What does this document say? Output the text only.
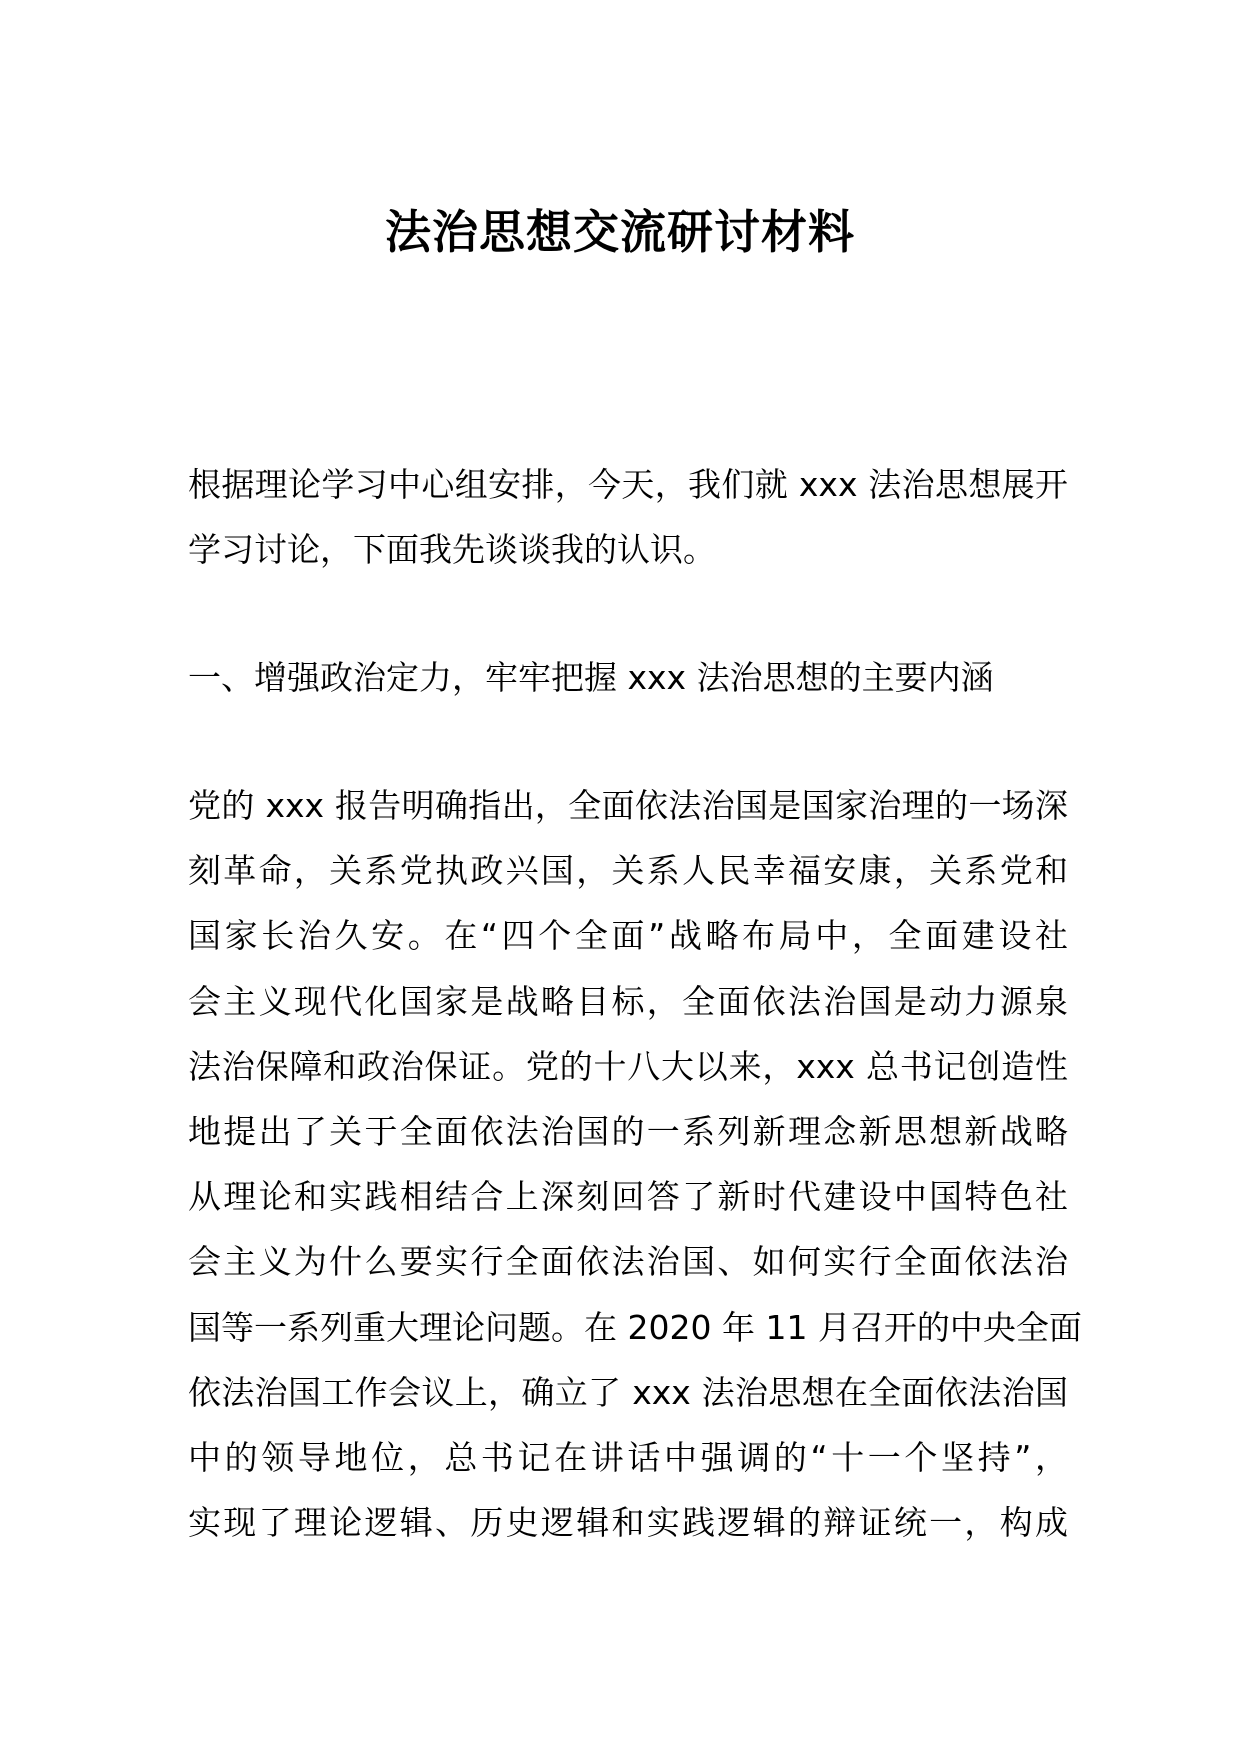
法治思想交流研讨材料
根据理论学习中心组安排，今天，我们就 xxx 法治思想展开
学习讨论，下面我先谈谈我的认识。
一、增强政治定力，牢牢把握 xxx 法治思想的主要内涵
党的 xxx 报告明确指出，全面依法治国是国家治理的一场深
刻革命，关系党执政兴国，关系人民幸福安康，关系党和
国家长治久安。在“四个全面”战略布局中，全面建设社
会主义现代化国家是战略目标，全面依法治国是动力源泉
法治保障和政治保证。党的十八大以来，xxx 总书记创造性
地提出了关于全面依法治国的一系列新理念新思想新战略
从理论和实践相结合上深刻回答了新时代建设中国特色社
会主义为什么要实行全面依法治国、如何实行全面依法治
国等一系列重大理论问题。在 2020 年 11 月召开的中央全面
依法治国工作会议上，确立了 xxx 法治思想在全面依法治国
中的领导地位，总书记在讲话中强调的“十一个坚持”，
实现了理论逻辑、历史逻辑和实践逻辑的辩证统一，构成
